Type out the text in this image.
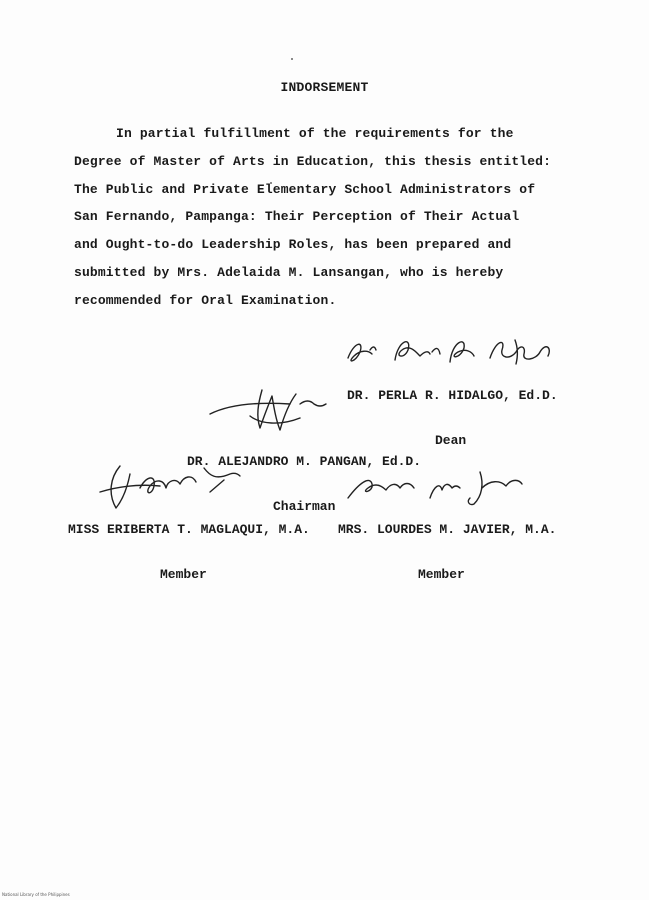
INDORSEMENT
In partial fulfillment of the requirements for the
Degree of Master of Arts in Education, this thesis entitled:
The Public and Private Elementary School Administrators of
San Fernando, Pampanga: Their Perception of Their Actual
and Ought-to-do Leadership Roles, has been prepared and
submitted by Mrs. Adelaida M. Lansangan, who is hereby
recommended for Oral Examination.

DR. PERLA R. HIDALGO, Ed.D.

Dean

DR. ALEJANDRO M. PANGAN, Ed.D.

Chairman

MISS ERIBERTA T. MAGLAQUI, M.A.

Member

MRS. LOURDES M. JAVIER, M.A.

Member

National Library of the Philippines
